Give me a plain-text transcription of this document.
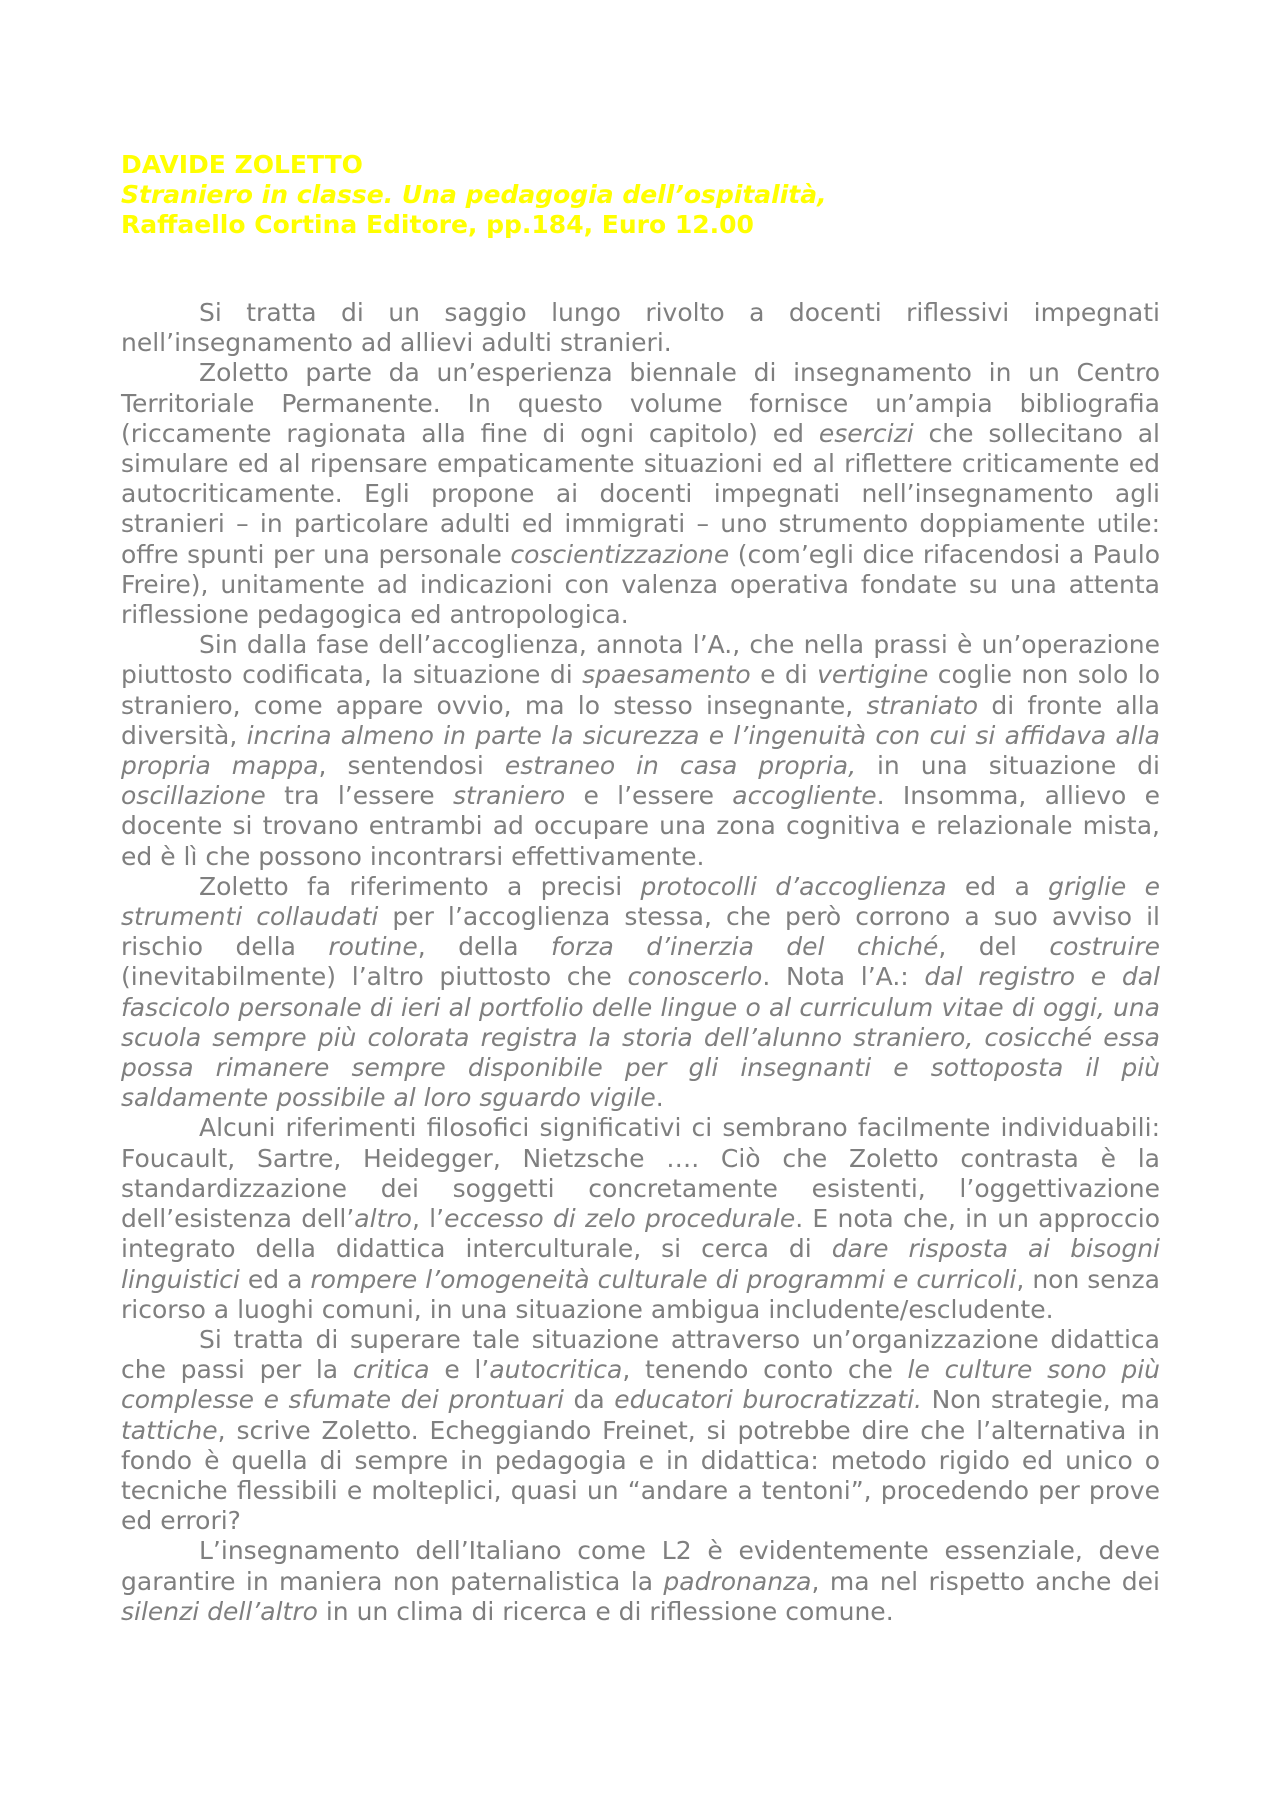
DAVIDE ZOLETTO
Straniero in classe. Una pedagogia dell’ospitalità,
Raffaello Cortina Editore, pp.184, Euro 12.00

Si tratta di un saggio lungo rivolto a docenti riflessivi impegnati nell’insegnamento ad allievi adulti stranieri.

Zoletto parte da un’esperienza biennale di insegnamento in un Centro Territoriale Permanente. In questo volume fornisce un’ampia bibliografia (riccamente ragionata alla fine di ogni capitolo) ed esercizi che sollecitano al simulare ed al ripensare empaticamente situazioni ed al riflettere criticamente ed autocriticamente. Egli propone ai docenti impegnati nell’insegnamento agli stranieri – in particolare adulti ed immigrati – uno strumento doppiamente utile: offre spunti per una personale coscientizzazione (com’egli dice rifacendosi a Paulo Freire), unitamente ad indicazioni con valenza operativa fondate su una attenta riflessione pedagogica ed antropologica.

Sin dalla fase dell’accoglienza, annota l’A., che nella prassi è un’operazione piuttosto codificata, la situazione di spaesamento e di vertigine coglie non solo lo straniero, come appare ovvio, ma lo stesso insegnante, straniato di fronte alla diversità, incrina almeno in parte la sicurezza e l’ingenuità con cui si affidava alla propria mappa, sentendosi estraneo in casa propria, in una situazione di oscillazione tra l’essere straniero e l’essere accogliente. Insomma, allievo e docente si trovano entrambi ad occupare una zona cognitiva e relazionale mista, ed è lì che possono incontrarsi effettivamente.

Zoletto fa riferimento a precisi protocolli d’accoglienza ed a griglie e strumenti collaudati per l’accoglienza stessa, che però corrono a suo avviso il rischio della routine, della forza d’inerzia del chiché, del costruire (inevitabilmente) l’altro piuttosto che conoscerlo. Nota l’A.: dal registro e dal fascicolo personale di ieri al portfolio delle lingue o al curriculum vitae di oggi, una scuola sempre più colorata registra la storia dell’alunno straniero, cosicché essa possa rimanere sempre disponibile per gli insegnanti e sottoposta il più saldamente possibile al loro sguardo vigile.

Alcuni riferimenti filosofici significativi ci sembrano facilmente individuabili: Foucault, Sartre, Heidegger, Nietzsche …. Ciò che Zoletto contrasta è la standardizzazione dei soggetti concretamente esistenti, l’oggettivazione dell’esistenza dell’altro, l’eccesso di zelo procedurale. E nota che, in un approccio integrato della didattica interculturale, si cerca di dare risposta ai bisogni linguistici ed a rompere l’omogeneità culturale di programmi e curricoli, non senza ricorso a luoghi comuni, in una situazione ambigua includente/escludente.

Si tratta di superare tale situazione attraverso un’organizzazione didattica che passi per la critica e l’autocritica, tenendo conto che le culture sono più complesse e sfumate dei prontuari da educatori burocratizzati. Non strategie, ma tattiche, scrive Zoletto. Echeggiando Freinet, si potrebbe dire che l’alternativa in fondo è quella di sempre in pedagogia e in didattica: metodo rigido ed unico o tecniche flessibili e molteplici, quasi un “andare a tentoni”, procedendo per prove ed errori?

L’insegnamento dell’Italiano come L2 è evidentemente essenziale, deve garantire in maniera non paternalistica la padronanza, ma nel rispetto anche dei silenzi dell’altro in un clima di ricerca e di riflessione comune.
